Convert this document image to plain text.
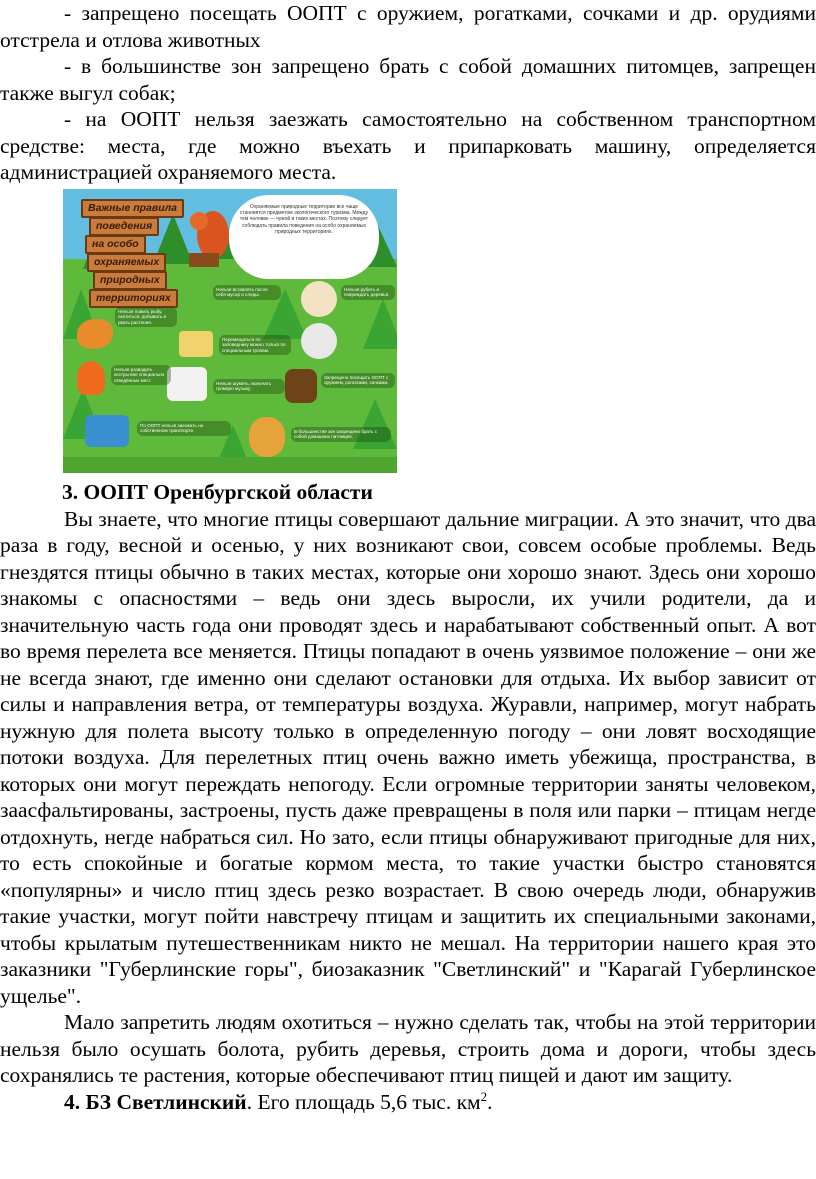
- запрещено посещать ООПТ с оружием, рогатками, сочками и др. орудиями отстрела и отлова животных

- в большинстве зон запрещено брать с собой домашних питомцев, запрещен также выгул собак;

- на ООПТ нельзя заезжать самостоятельно на собственном транспортном средстве: места, где можно въехать и припарковать машину, определяется администрацией охраняемого места.

Важные правила
поведения
на особо
охраняемых
природных
территориях
Охраняемые природные территории все чаще становятся предметом экологического туризма. Между тем человек — чужой в таких местах. Поэтому следует соблюдать правила поведения на особо охраняемых природных территориях.
Нельзя ловить рыбу, охотиться, добывать и рвать растения.
Нельзя вставлять после себя мусор и следы.
Нельзя рубить и повреждать деревья.
Нельзя разводить костры вне специально отведённых мест.
Перемещаться по заповеднику можно только по специальным тропам.
Нельзя шуметь, включать громкую музыку.
Запрещено посещать ООПТ с оружием, рогатками, сачками.
По ООПТ нельзя заезжать на собственном транспорте.	В большинстве зон запрещено брать с собой домашних питомцев.

3. ООПТ Оренбургской области

Вы знаете, что многие птицы совершают дальние миграции. А это значит, что два раза в году, весной и осенью, у них возникают свои, совсем особые проблемы. Ведь гнездятся птицы обычно в таких местах, которые они хорошо знают. Здесь они хорошо знакомы с опасностями – ведь они здесь выросли, их учили родители, да и значительную часть года они проводят здесь и нарабатывают собственный опыт. А вот во время перелета все меняется. Птицы попадают в очень уязвимое положение – они же не всегда знают, где именно они сделают остановки для отдыха. Их выбор зависит от силы и направления ветра, от температуры воздуха. Журавли, например, могут набрать нужную для полета высоту только в определенную погоду – они ловят восходящие потоки воздуха. Для перелетных птиц очень важно иметь убежища, пространства, в которых они могут переждать непогоду. Если огромные территории заняты человеком, заасфальтированы, застроены, пусть даже превращены в поля или парки – птицам негде отдохнуть, негде набраться сил. Но зато, если птицы обнаруживают пригодные для них, то есть спокойные и богатые кормом места, то такие участки быстро становятся «популярны» и число птиц здесь резко возрастает. В свою очередь люди, обнаружив такие участки, могут пойти навстречу птицам и защитить их специальными законами, чтобы крылатым путешественникам никто не мешал. На территории нашего края это заказники "Губерлинские горы", биозаказник "Светлинский" и "Карагай Губерлинское ущелье".

Мало запретить людям охотиться – нужно сделать так, чтобы на этой территории нельзя было осушать болота, рубить деревья, строить дома и дороги, чтобы здесь сохранялись те растения, которые обеспечивают птиц пищей и дают им защиту.

4. БЗ Светлинский. Его площадь 5,6 тыс. $км^2$.
